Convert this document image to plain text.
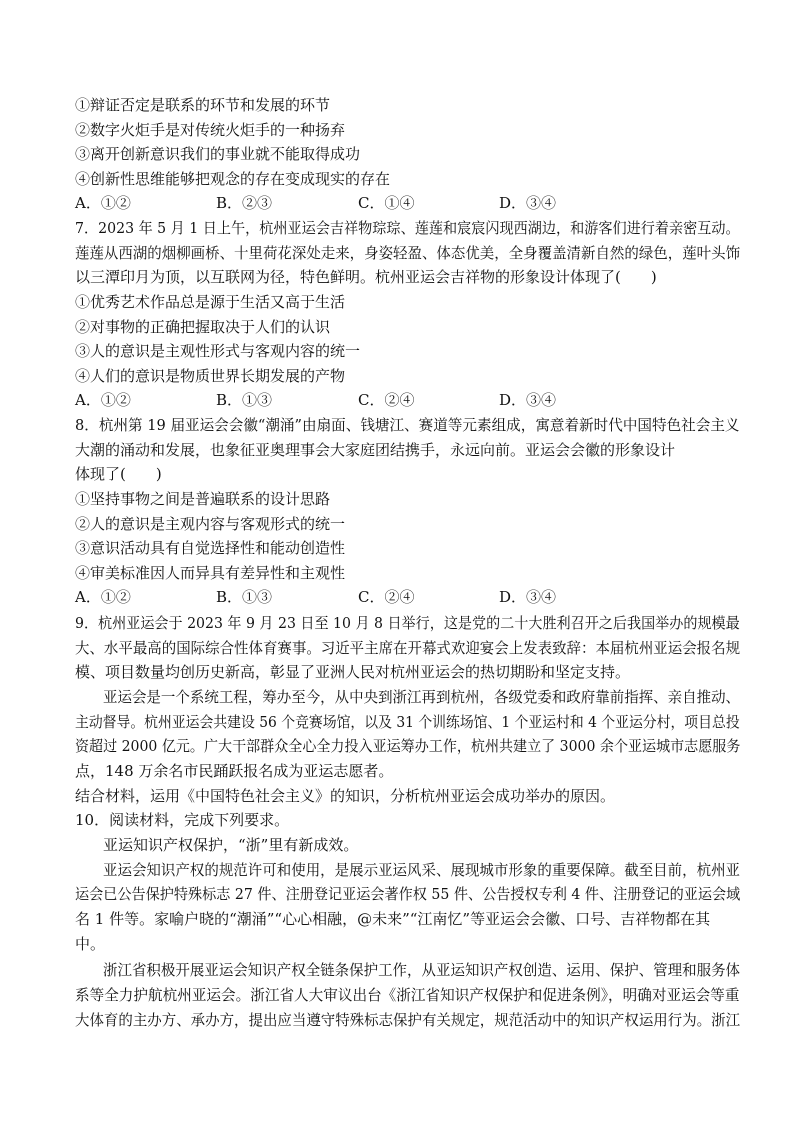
①辩证否定是联系的环节和发展的环节
②数字火炬手是对传统火炬手的一种扬弃
③离开创新意识我们的事业就不能取得成功
④创新性思维能够把观念的存在变成现实的存在
A．①②	B．②③	C．①④	D．③④
7．2023 年 5 月 1 日上午，杭州亚运会吉祥物琮琮、莲莲和宸宸闪现西湖边，和游客们进行着亲密互动。
莲莲从西湖的烟柳画桥、十里荷花深处走来，身姿轻盈、体态优美，全身覆盖清新自然的绿色，莲叶头饰
以三潭印月为顶，以互联网为径，特色鲜明。杭州亚运会吉祥物的形象设计体现了(　　)
①优秀艺术作品总是源于生活又高于生活
②对事物的正确把握取决于人们的认识
③人的意识是主观性形式与客观内容的统一
④人们的意识是物质世界长期发展的产物
A．①②	B．①③	C．②④	D．③④
8．杭州第 19 届亚运会会徽“潮涌”由扇面、钱塘江、赛道等元素组成，寓意着新时代中国特色社会主义
大潮的涌动和发展，也象征亚奥理事会大家庭团结携手，永远向前。亚运会会徽的形象设计
体现了(　　)
①坚持事物之间是普遍联系的设计思路
②人的意识是主观内容与客观形式的统一
③意识活动具有自觉选择性和能动创造性
④审美标准因人而异具有差异性和主观性
A．①②	B．①③	C．②④	D．③④
9．杭州亚运会于 2023 年 9 月 23 日至 10 月 8 日举行，这是党的二十大胜利召开之后我国举办的规模最
大、水平最高的国际综合性体育赛事。习近平主席在开幕式欢迎宴会上发表致辞：本届杭州亚运会报名规
模、项目数量均创历史新高，彰显了亚洲人民对杭州亚运会的热切期盼和坚定支持。
亚运会是一个系统工程，筹办至今，从中央到浙江再到杭州，各级党委和政府靠前指挥、亲自推动、
主动督导。杭州亚运会共建设 56 个竞赛场馆，以及 31 个训练场馆、1 个亚运村和 4 个亚运分村，项目总投
资超过 2000 亿元。广大干部群众全心全力投入亚运筹办工作，杭州共建立了 3000 余个亚运城市志愿服务
点，148 万余名市民踊跃报名成为亚运志愿者。
结合材料，运用《中国特色社会主义》的知识，分析杭州亚运会成功举办的原因。
10．阅读材料，完成下列要求。
亚运知识产权保护，“浙”里有新成效。
亚运会知识产权的规范许可和使用，是展示亚运风采、展现城市形象的重要保障。截至目前，杭州亚
运会已公告保护特殊标志 27 件、注册登记亚运会著作权 55 件、公告授权专利 4 件、注册登记的亚运会域
名 1 件等。家喻户晓的“潮涌”“心心相融，@未来”“江南忆”等亚运会会徽、口号、吉祥物都在其
中。
浙江省积极开展亚运会知识产权全链条保护工作，从亚运知识产权创造、运用、保护、管理和服务体
系等全力护航杭州亚运会。浙江省人大审议出台《浙江省知识产权保护和促进条例》，明确对亚运会等重
大体育的主办方、承办方，提出应当遵守特殊标志保护有关规定，规范活动中的知识产权运用行为。浙江
